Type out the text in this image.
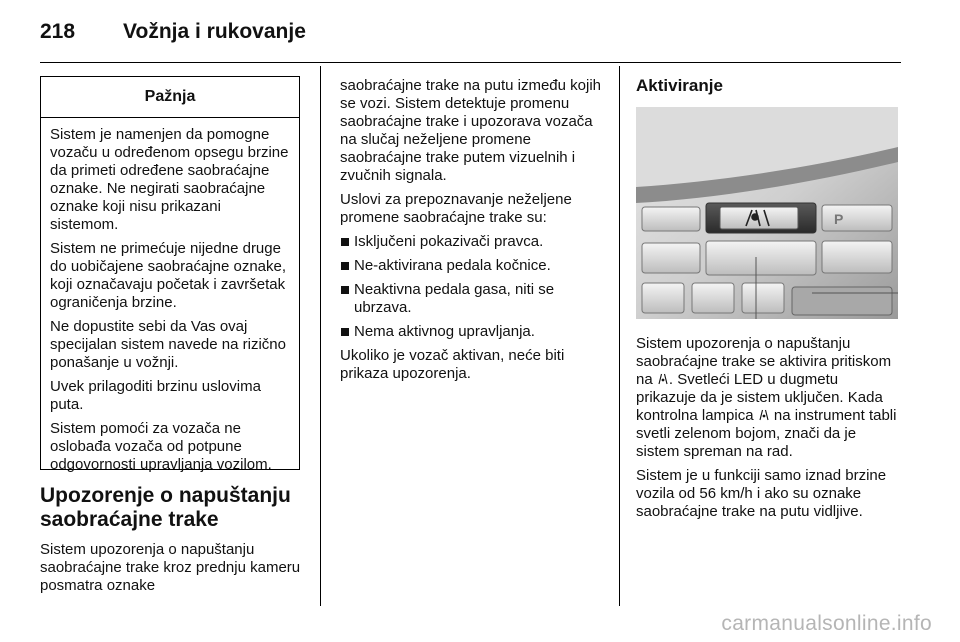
218 Vožnja i rukovanje
Pažnja

Sistem je namenjen da pomogne vozaču u određenom opsegu brzine da primeti određene saobraćajne oznake. Ne negirati saobraćajne oznake koji nisu prikazani sistemom.

Sistem ne primećuje nijedne druge do uobičajene saobraćajne oznake, koji označavaju početak i završetak ograničenja brzine.

Ne dopustite sebi da Vas ovaj specijalan sistem navede na rizično ponašanje u vožnji.

Uvek prilagoditi brzinu uslovima puta.

Sistem pomoći za vozača ne oslobađa vozača od potpune odgovornosti upravljanja vozilom.

Upozorenje o napuštanju saobraćajne trake

Sistem upozorenja o napuštanju saobraćajne trake kroz prednju kameru posmatra oznake

saobraćajne trake na putu između kojih se vozi. Sistem detektuje promenu saobraćajne trake i upozorava vozača na slučaj neželjene promene saobraćajne trake putem vizuelnih i zvučnih signala.

Uslovi za prepoznavanje neželjene promene saobraćajne trake su:

Isključeni pokazivači pravca.
Ne-aktivirana pedala kočnice.
Neaktivna pedala gasa, niti se ubrzava.
Nema aktivnog upravljanja.

Ukoliko je vozač aktivan, neće biti prikaza upozorenja.

Aktiviranje
P

Sistem upozorenja o napuštanju saobraćajne trake se aktivira pritiskom na . Svetleći LED u dugmetu prikazuje da je sistem uključen. Kada kontrolna lampica na instrument tabli svetli zelenom bojom, znači da je sistem spreman na rad.

Sistem je u funkciji samo iznad brzine vozila od 56 km/h i ako su oznake saobraćajne trake na putu vidljive.

carmanualsonline.info
